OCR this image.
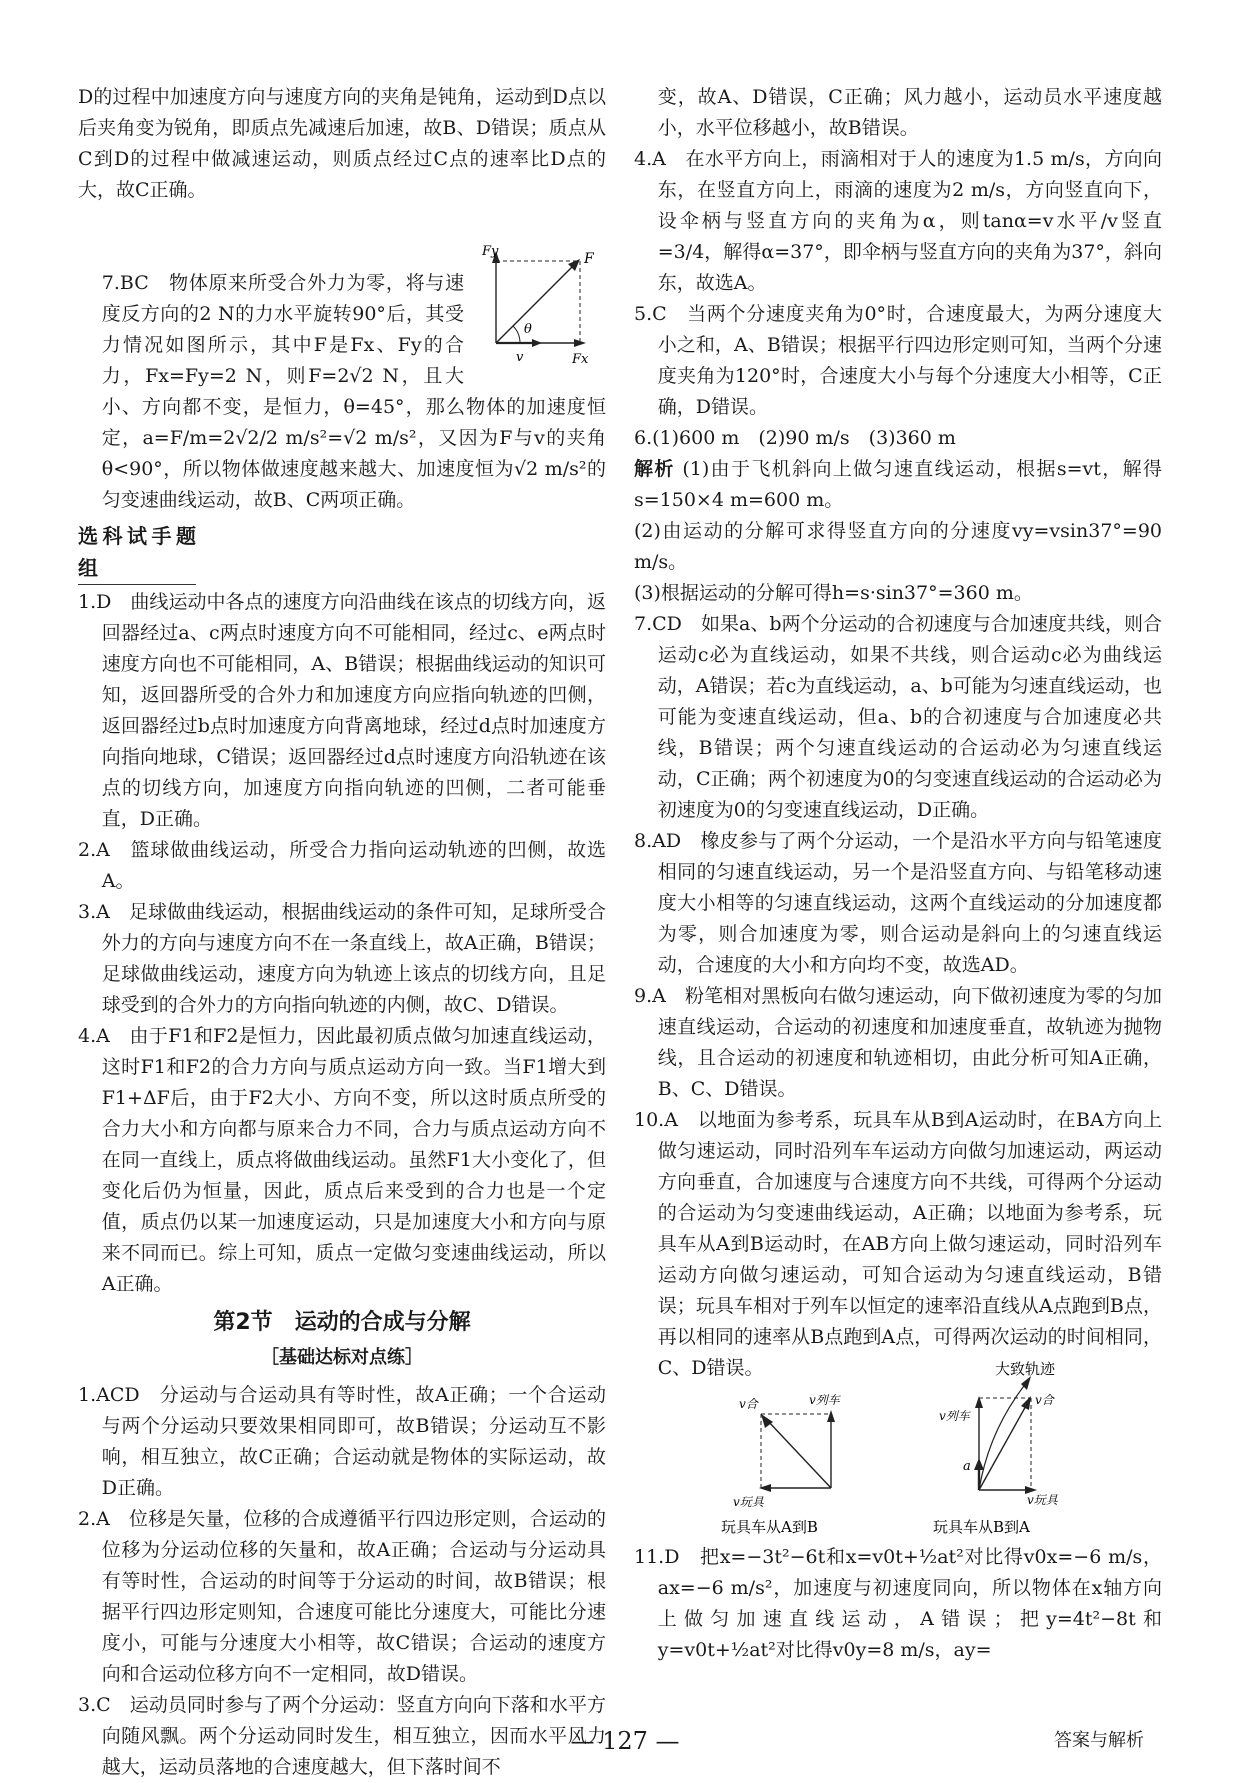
D的过程中加速度方向与速度方向的夹角是钝角，运动到D点以后夹角变为锐角，即质点先减速后加速，故B、D错误；质点从C到D的过程中做减速运动，则质点经过C点的速率比D点的大，故C正确。

Fy	F
θ
v	Fx

7.BC　物体原来所受合外力为零，将与速度反方向的2 N的力水平旋转90°后，其受力情况如图所示，其中F是Fx、Fy的合力，Fx=Fy=2 N，则F=2√2 N，且大小、方向都不变，是恒力，θ=45°，那么物体的加速度恒定，a=F/m=2√2/2 m/s²=√2 m/s²，又因为F与v的夹角θ<90°，所以物体做速度越来越大、加速度恒为√2 m/s²的匀变速曲线运动，故B、C两项正确。

选科试手题组

1.D　曲线运动中各点的速度方向沿曲线在该点的切线方向，返回器经过a、c两点时速度方向不可能相同，经过c、e两点时速度方向也不可能相同，A、B错误；根据曲线运动的知识可知，返回器所受的合外力和加速度方向应指向轨迹的凹侧，返回器经过b点时加速度方向背离地球，经过d点时加速度方向指向地球，C错误；返回器经过d点时速度方向沿轨迹在该点的切线方向，加速度方向指向轨迹的凹侧，二者可能垂直，D正确。

2.A　篮球做曲线运动，所受合力指向运动轨迹的凹侧，故选A。

3.A　足球做曲线运动，根据曲线运动的条件可知，足球所受合外力的方向与速度方向不在一条直线上，故A正确，B错误；足球做曲线运动，速度方向为轨迹上该点的切线方向，且足球受到的合外力的方向指向轨迹的内侧，故C、D错误。

4.A　由于F1和F2是恒力，因此最初质点做匀加速直线运动，这时F1和F2的合力方向与质点运动方向一致。当F1增大到F1+ΔF后，由于F2大小、方向不变，所以这时质点所受的合力大小和方向都与原来合力不同，合力与质点运动方向不在同一直线上，质点将做曲线运动。虽然F1大小变化了，但变化后仍为恒量，因此，质点后来受到的合力也是一个定值，质点仍以某一加速度运动，只是加速度大小和方向与原来不同而已。综上可知，质点一定做匀变速曲线运动，所以A正确。

第2节　运动的合成与分解
［基础达标对点练］

1.ACD　分运动与合运动具有等时性，故A正确；一个合运动与两个分运动只要效果相同即可，故B错误；分运动互不影响，相互独立，故C正确；合运动就是物体的实际运动，故D正确。

2.A　位移是矢量，位移的合成遵循平行四边形定则，合运动的位移为分运动位移的矢量和，故A正确；合运动与分运动具有等时性，合运动的时间等于分运动的时间，故B错误；根据平行四边形定则知，合速度可能比分速度大，可能比分速度小，可能与分速度大小相等，故C错误；合运动的速度方向和合运动位移方向不一定相同，故D错误。

3.C　运动员同时参与了两个分运动：竖直方向向下落和水平方向随风飘。两个分运动同时发生，相互独立，因而水平风力越大，运动员落地的合速度越大，但下落时间不

变，故A、D错误，C正确；风力越小，运动员水平速度越小，水平位移越小，故B错误。

4.A　在水平方向上，雨滴相对于人的速度为1.5 m/s，方向向东，在竖直方向上，雨滴的速度为2 m/s，方向竖直向下，设伞柄与竖直方向的夹角为α，则tanα=v水平/v竖直=3/4，解得α=37°，即伞柄与竖直方向的夹角为37°，斜向东，故选A。

5.C　当两个分速度夹角为0°时，合速度最大，为两分速度大小之和，A、B错误；根据平行四边形定则可知，当两个分速度夹角为120°时，合速度大小与每个分速度大小相等，C正确，D错误。

6.(1)600 m　(2)90 m/s　(3)360 m

解析 (1)由于飞机斜向上做匀速直线运动，根据s=vt，解得s=150×4 m=600 m。

(2)由运动的分解可求得竖直方向的分速度vy=vsin37°=90 m/s。

(3)根据运动的分解可得h=s·sin37°=360 m。

7.CD　如果a、b两个分运动的合初速度与合加速度共线，则合运动c必为直线运动，如果不共线，则合运动c必为曲线运动，A错误；若c为直线运动，a、b可能为匀速直线运动，也可能为变速直线运动，但a、b的合初速度与合加速度必共线，B错误；两个匀速直线运动的合运动必为匀速直线运动，C正确；两个初速度为0的匀变速直线运动的合运动必为初速度为0的匀变速直线运动，D正确。

8.AD　橡皮参与了两个分运动，一个是沿水平方向与铅笔速度相同的匀速直线运动，另一个是沿竖直方向、与铅笔移动速度大小相等的匀速直线运动，这两个直线运动的分加速度都为零，则合加速度为零，则合运动是斜向上的匀速直线运动，合速度的大小和方向均不变，故选AD。

9.A　粉笔相对黑板向右做匀速运动，向下做初速度为零的匀加速直线运动，合运动的初速度和加速度垂直，故轨迹为抛物线，且合运动的初速度和轨迹相切，由此分析可知A正确，B、C、D错误。

10.A　以地面为参考系，玩具车从B到A运动时，在BA方向上做匀速运动，同时沿列车车运动方向做匀加速运动，两运动方向垂直，合加速度与合速度方向不共线，可得两个分运动的合运动为匀变速曲线运动，A正确；以地面为参考系，玩具车从A到B运动时，在AB方向上做匀速运动，同时沿列车运动方向做匀速运动，可知合运动为匀速直线运动，B错误；玩具车相对于列车以恒定的速率沿直线从A点跑到B点，再以相同的速率从B点跑到A点，可得两次运动的时间相同，C、D错误。

v合	v列车
v玩具
玩具车从A到B
大致轨迹
v合
v列车
a
v玩具
玩具车从B到A

11.D　把x=−3t²−6t和x=v0t+½at²对比得v0x=−6 m/s，ax=−6 m/s²，加速度与初速度同向，所以物体在x轴方向上做匀加速直线运动，A错误；把y=4t²−8t和y=v0t+½at²对比得v0y=8 m/s，ay=

— 127 —	答案与解析
